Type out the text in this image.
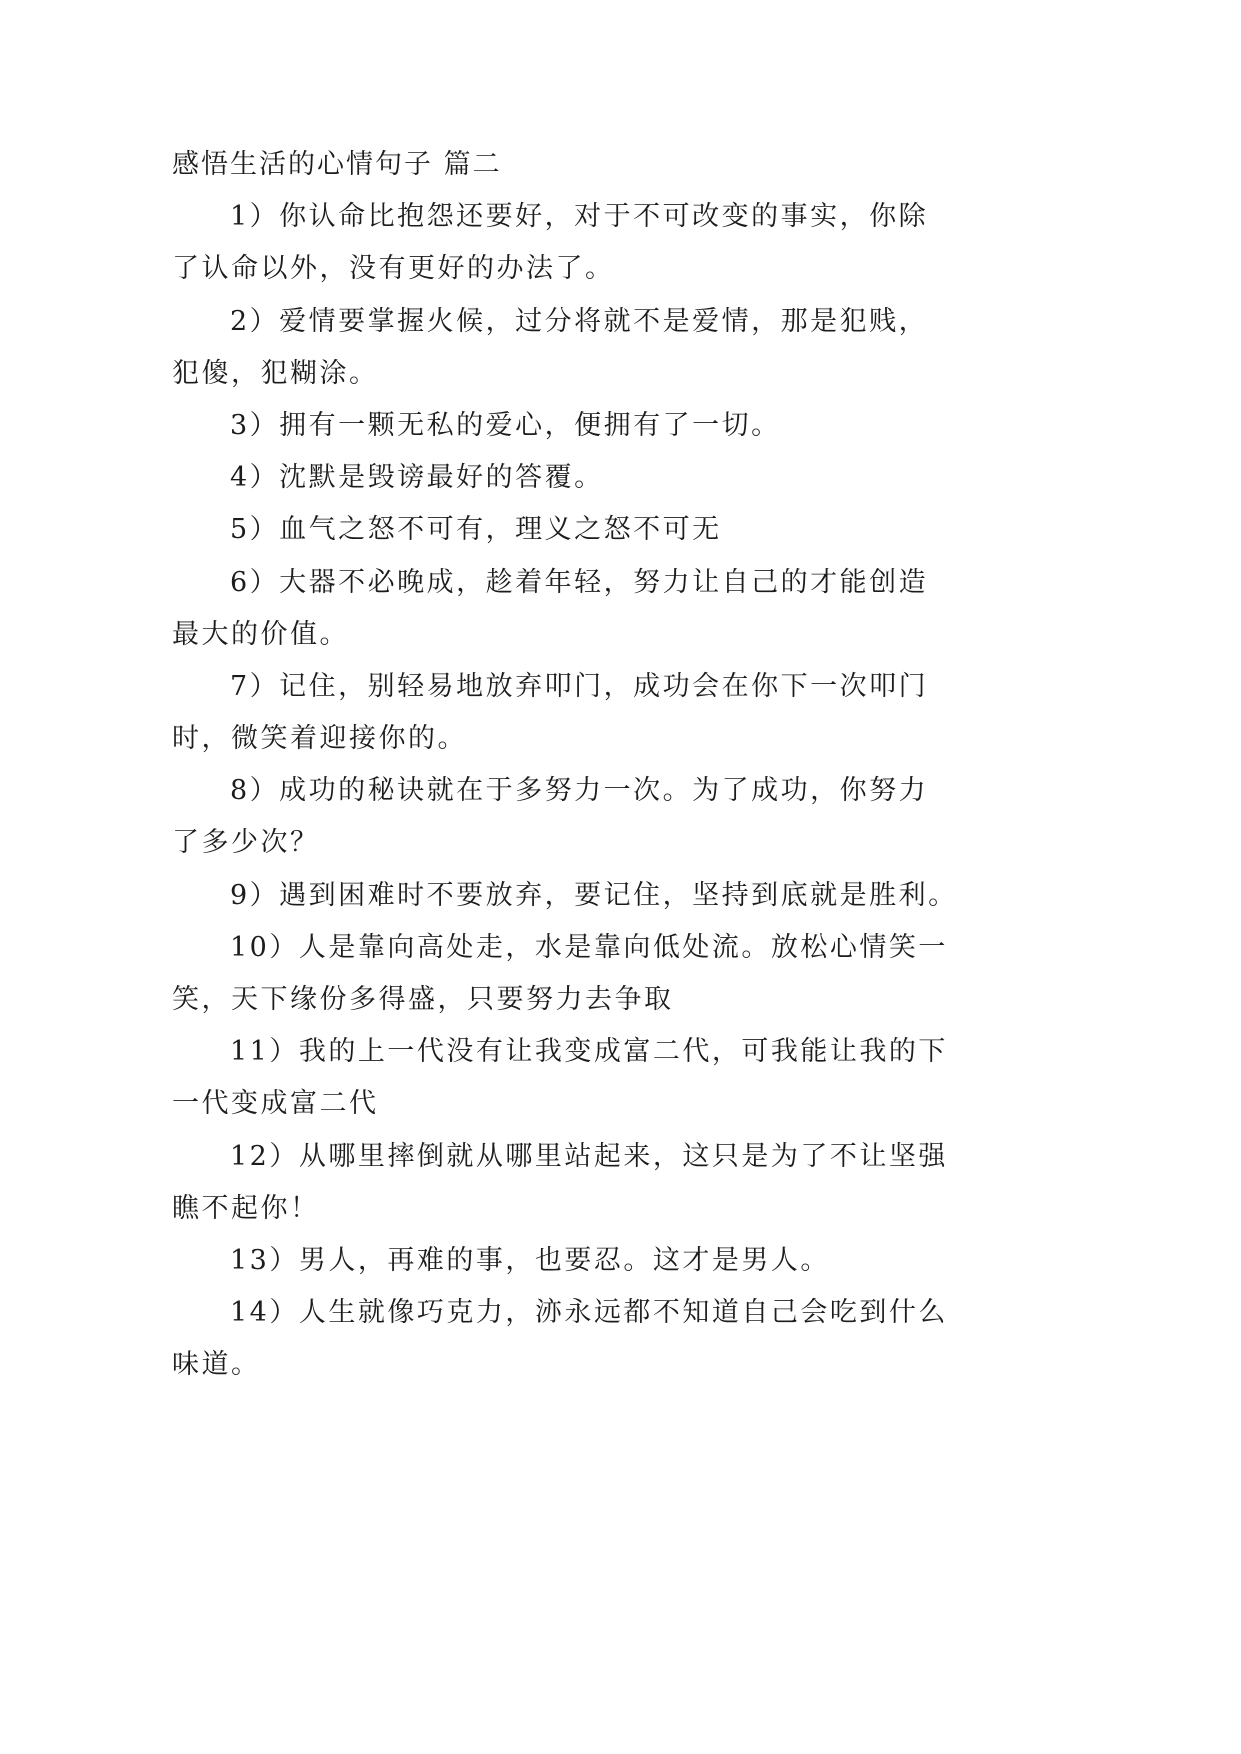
感悟生活的心情句子 篇二
1）你认命比抱怨还要好，对于不可改变的事实，你除
了认命以外，没有更好的办法了。
2）爱情要掌握火候，过分将就不是爱情，那是犯贱，
犯傻，犯糊涂。
3）拥有一颗无私的爱心，便拥有了一切。
4）沈默是毁谤最好的答覆。
5）血气之怒不可有，理义之怒不可无
6）大器不必晚成，趁着年轻，努力让自己的才能创造
最大的价值。
7）记住，别轻易地放弃叩门，成功会在你下一次叩门
时，微笑着迎接你的。
8）成功的秘诀就在于多努力一次。为了成功，你努力
了多少次？
9）遇到困难时不要放弃，要记住，坚持到底就是胜利。
10）人是靠向高处走，水是靠向低处流。放松心情笑一
笑，天下缘份多得盛，只要努力去争取
11）我的上一代没有让我变成富二代，可我能让我的下
一代变成富二代
12）从哪里摔倒就从哪里站起来，这只是为了不让坚强
瞧不起你！
13）男人，再难的事，也要忍。这才是男人。
14）人生就像巧克力，洂永远都不知道自己会吃到什么
味道。
